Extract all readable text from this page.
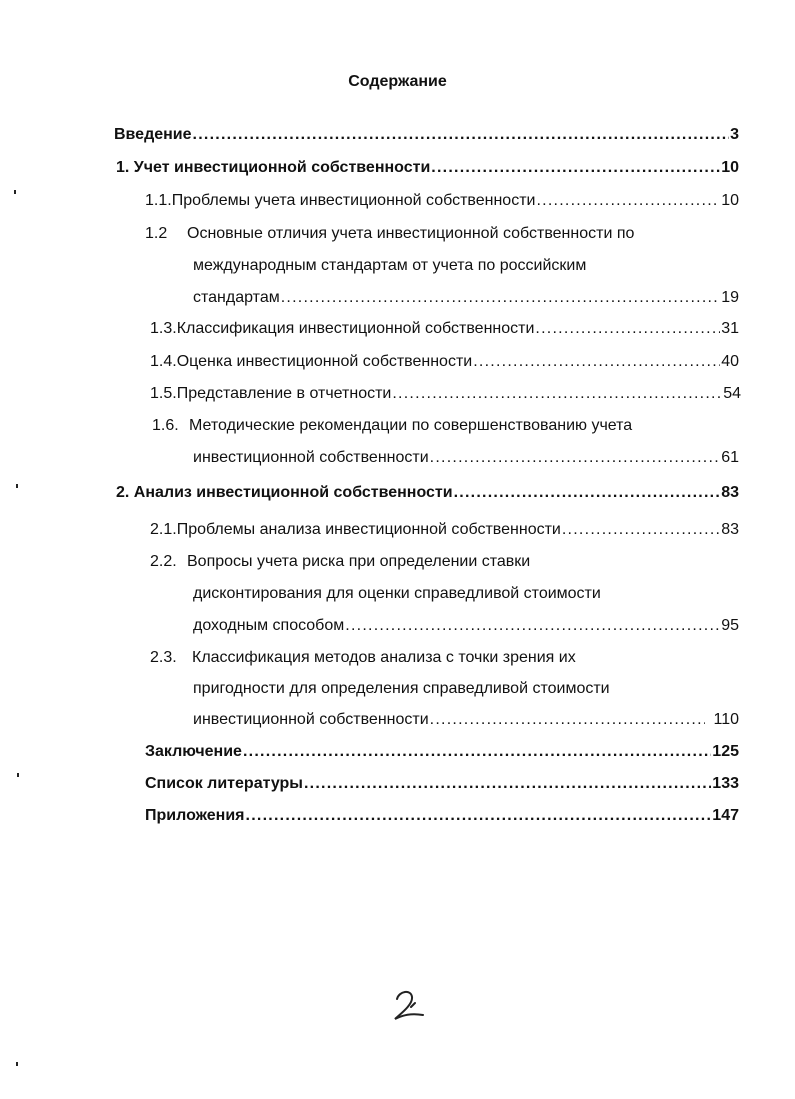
Содержание
Введение . . .	3
1. Учет инвестиционной собственности . . .	10
1.1. Проблемы учета инвестиционной собственности . . .	10
1.2 Основные отличия учета инвестиционной собственности по
международным стандартам от учета по российским
стандартам . . .	19
1.3. Классификация инвестиционной собственности . . .	31
1.4. Оценка инвестиционной собственности . . .	40
1.5. Представление в отчетности . . .	54
1.6. Методические рекомендации по совершенствованию учета
инвестиционной собственности . . .	61
2. Анализ инвестиционной собственности . . .	83
2.1. Проблемы анализа инвестиционной собственности . . .	83
2.2. Вопросы учета риска при определении ставки
дисконтирования для оценки справедливой стоимости
доходным способом . . .	95
2.3. Классификация методов анализа с точки зрения их
пригодности для определения справедливой стоимости
инвестиционной собственности . . .	110
Заключение . . .	125
Список литературы . . .	133
Приложения . . .	147
